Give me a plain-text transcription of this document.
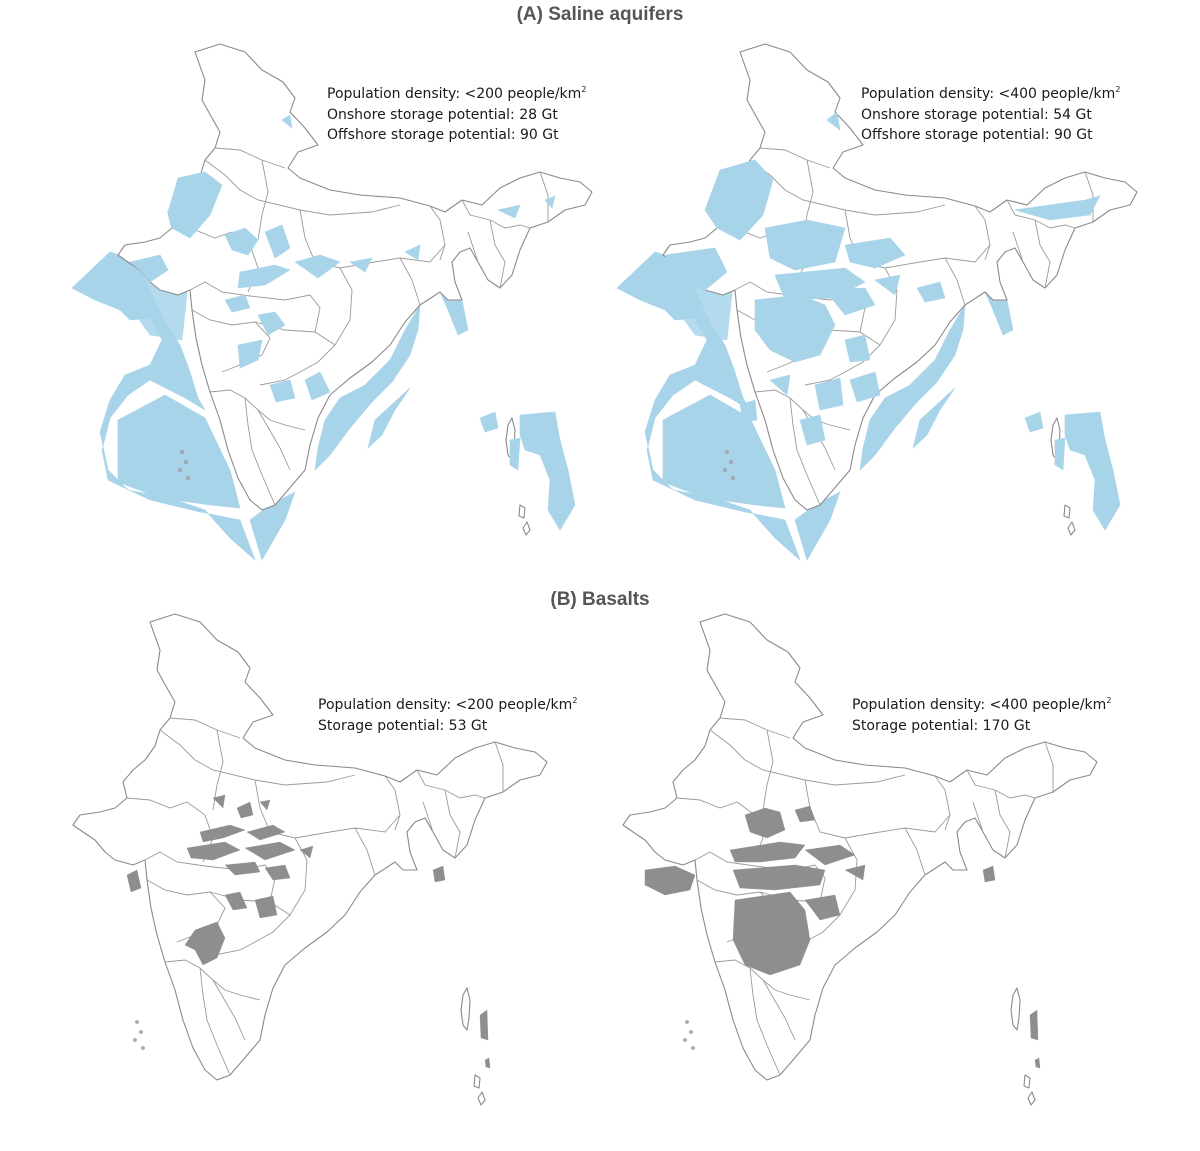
(A) Saline aquifers
(B) Basalts
Population density: <200 people/$km^2$
Onshore storage potential: 28 Gt
Offshore storage potential: 90 Gt
Population density: <400 people/$km^2$
Onshore storage potential: 54 Gt
Offshore storage potential: 90 Gt
Population density: <200 people/$km^2$
Storage potential: 53 Gt
Population density: <400 people/$km^2$
Storage potential: 170 Gt
